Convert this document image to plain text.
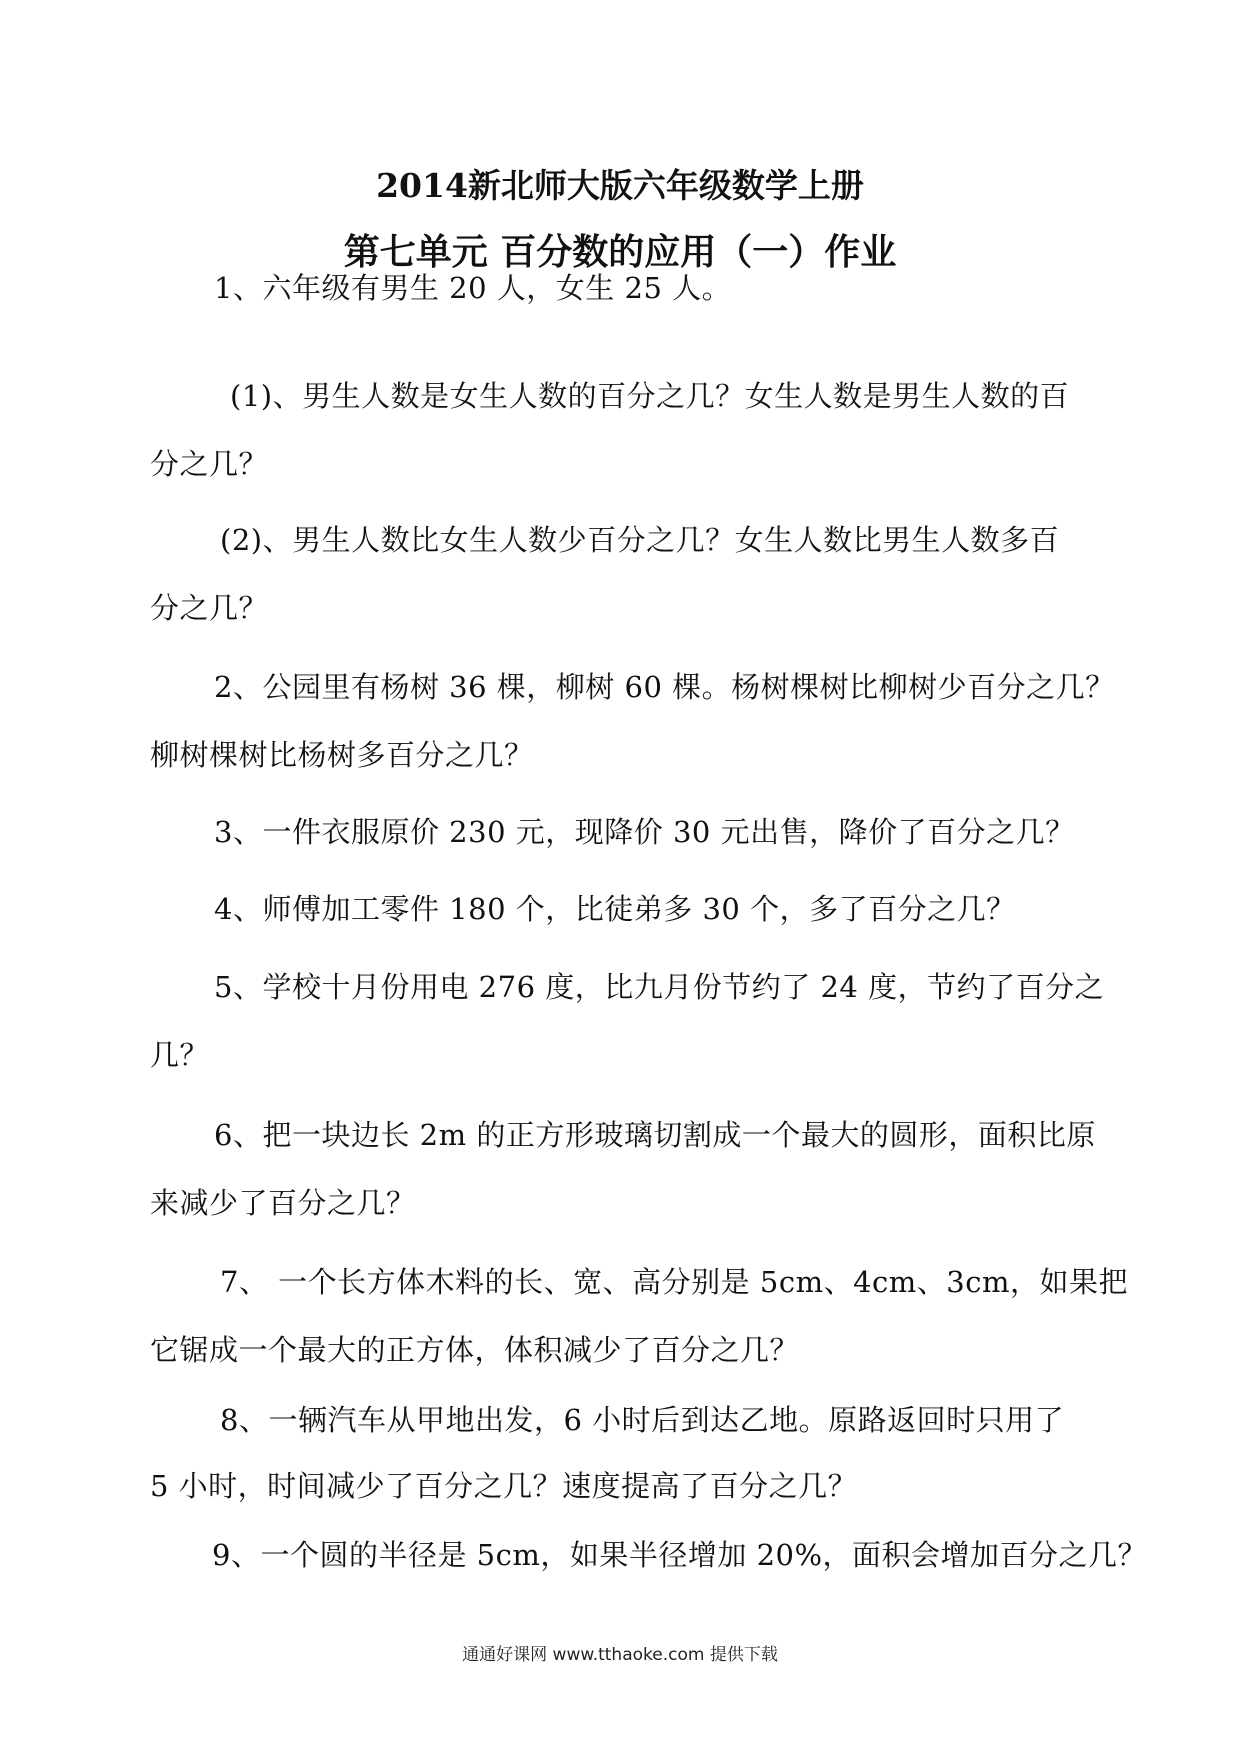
2014新北师大版六年级数学上册
第七单元 百分数的应用（一）作业
1、六年级有男生 20 人，女生 25 人。
(1)、男生人数是女生人数的百分之几？女生人数是男生人数的百
分之几？
(2)、男生人数比女生人数少百分之几？女生人数比男生人数多百
分之几？
2、公园里有杨树 36 棵，柳树 60 棵。杨树棵树比柳树少百分之几？
柳树棵树比杨树多百分之几？
3、一件衣服原价 230 元，现降价 30 元出售，降价了百分之几？
4、师傅加工零件 180 个，比徒弟多 30 个，多了百分之几？
5、学校十月份用电 276 度，比九月份节约了 24 度，节约了百分之
几？
6、把一块边长 2m 的正方形玻璃切割成一个最大的圆形，面积比原
来减少了百分之几？
7、 一个长方体木料的长、宽、高分别是 5cm、4cm、3cm，如果把
它锯成一个最大的正方体，体积减少了百分之几？
8、一辆汽车从甲地出发，6 小时后到达乙地。原路返回时只用了
5 小时，时间减少了百分之几？速度提高了百分之几？
9、一个圆的半径是 5cm，如果半径增加 20%，面积会增加百分之几？
通通好课网 www.tthaoke.com 提供下载
